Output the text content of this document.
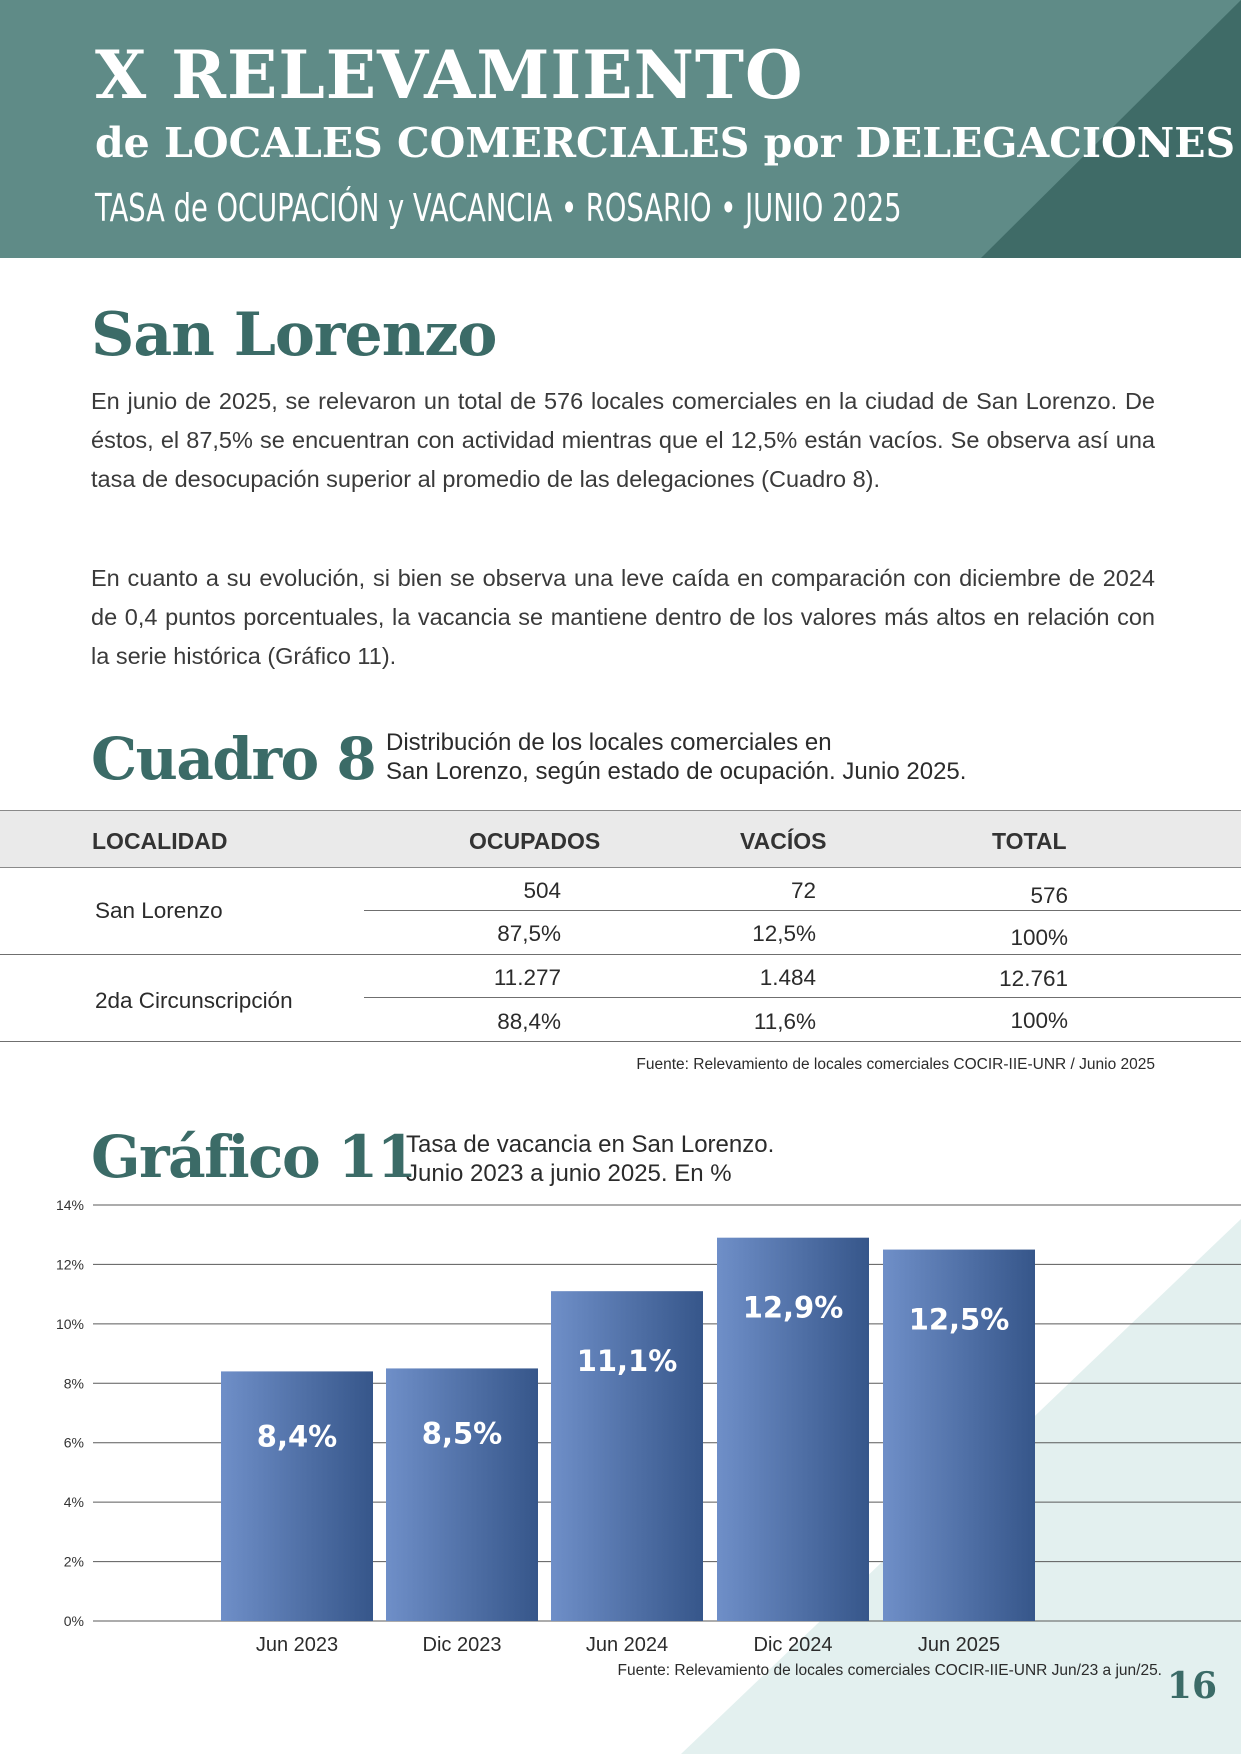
X RELEVAMIENTO
de LOCALES COMERCIALES por DELEGACIONES

TASA de OCUPACIÓN y VACANCIA • ROSARIO • JUNIO 2025

San Lorenzo

En junio de 2025, se relevaron un total de 576 locales comerciales en la ciudad de San Lorenzo. De éstos, el 87,5% se encuentran con actividad mientras que el 12,5% están vacíos. Se observa así una tasa de desocupación superior al promedio de las delegaciones (Cuadro 8).

En cuanto a su evolución, si bien se observa una leve caída en comparación con diciembre de 2024 de 0,4 puntos porcentuales, la vacancia se mantiene dentro de los valores más altos en relación con la serie histórica (Gráfico 11).

Cuadro 8 Distribución de los locales comerciales en
San Lorenzo, según estado de ocupación. Junio 2025.
LOCALIDAD	OCUPADOS	VACÍOS	TOTAL
San Lorenzo
504	72	576
87,5%	12,5%	100%
2da Circunscripción
11.277	1.484	12.761
88,4%	11,6%	100%
Fuente: Relevamiento de locales comerciales COCIR-IIE-UNR / Junio 2025
Gráfico 11
Tasa de vacancia en San Lorenzo.
Junio 2023 a junio 2025. En %
0%
2%
4%
6%
8%
10%
12%
14%
8,4%
Jun 2023
8,5%
Dic 2023
11,1%
Jun 2024
12,9%
Dic 2024
12,5%
Jun 2025
Fuente: Relevamiento de locales comerciales COCIR-IIE-UNR Jun/23 a jun/25. 16
